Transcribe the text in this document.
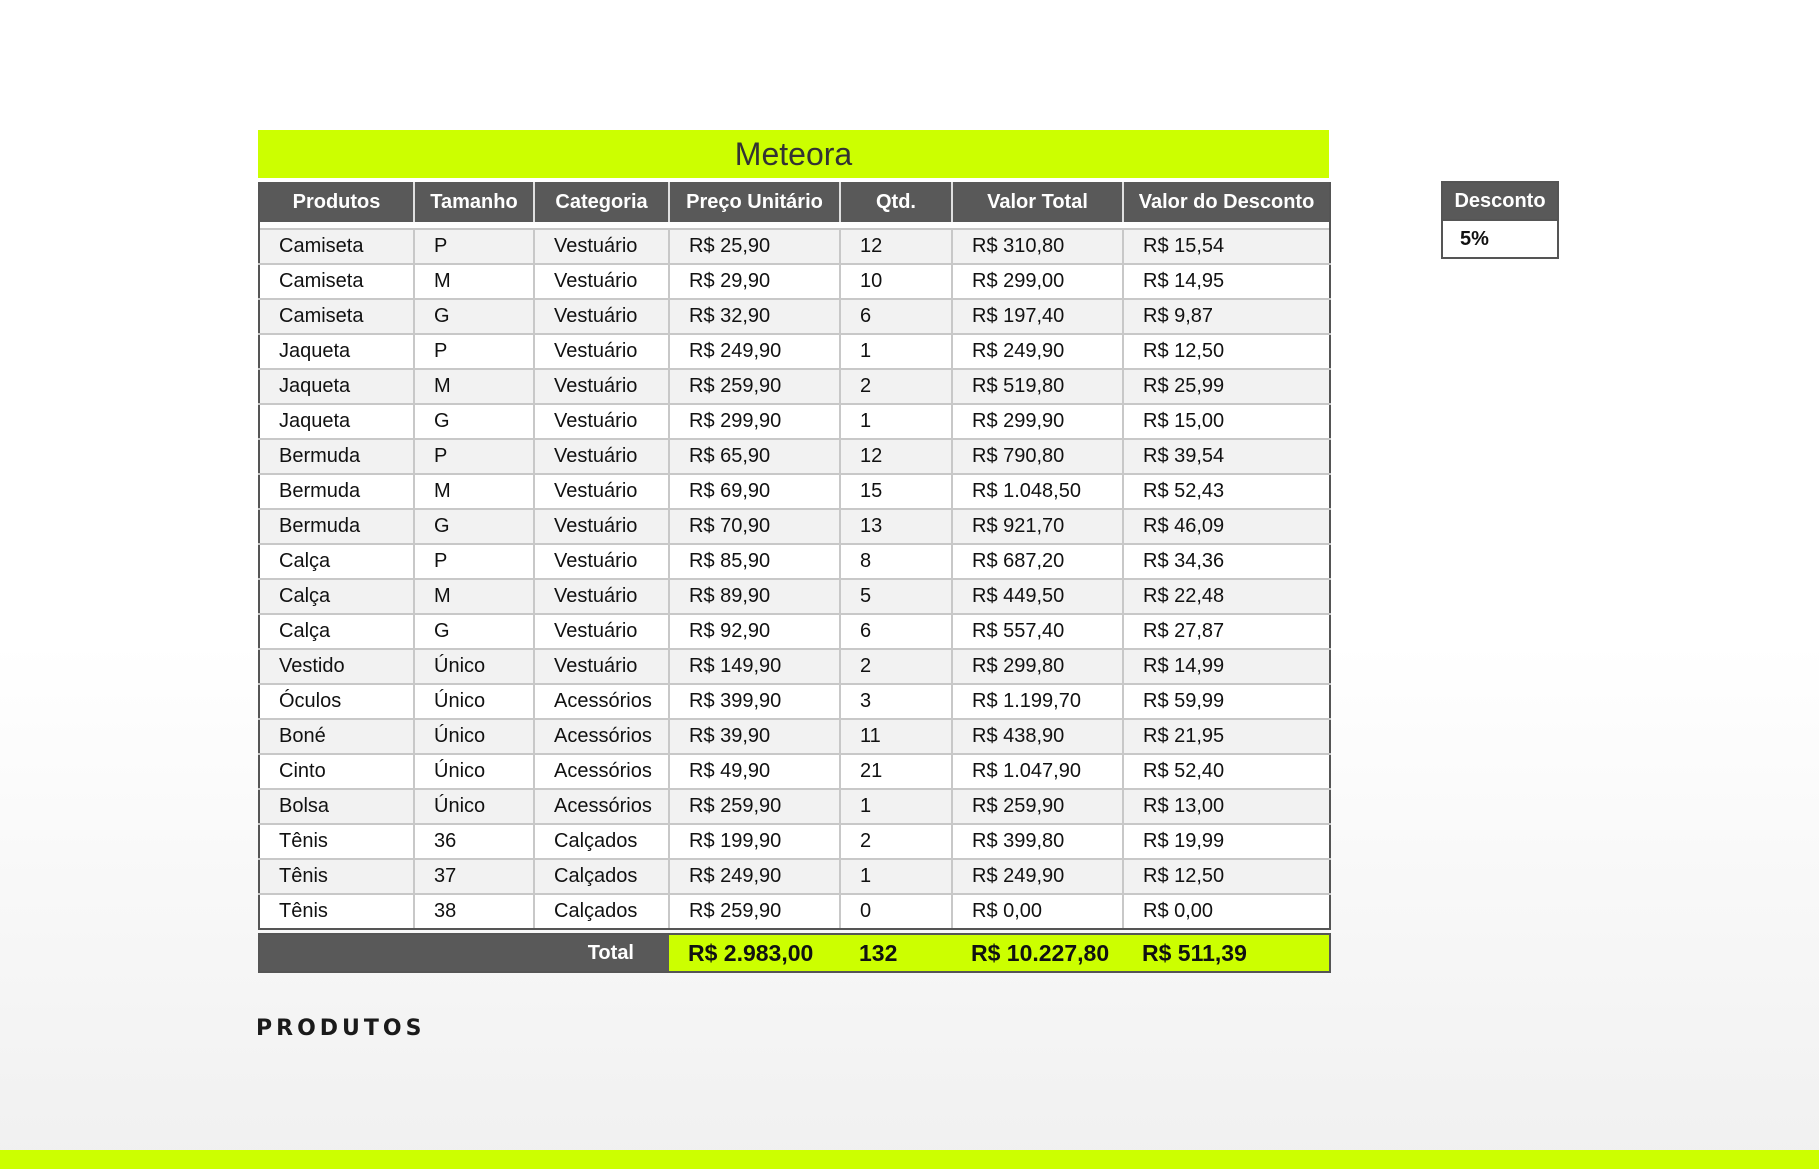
Meteora
Produtos	Tamanho	Categoria	Preço Unitário	Qtd.	Valor Total	Valor do Desconto

Camiseta	P	Vestuário	R$ 25,90	12	R$ 310,80	R$ 15,54
Camiseta	M	Vestuário	R$ 29,90	10	R$ 299,00	R$ 14,95
Camiseta	G	Vestuário	R$ 32,90	6	R$ 197,40	R$ 9,87
Jaqueta	P	Vestuário	R$ 249,90	1	R$ 249,90	R$ 12,50
Jaqueta	M	Vestuário	R$ 259,90	2	R$ 519,80	R$ 25,99
Jaqueta	G	Vestuário	R$ 299,90	1	R$ 299,90	R$ 15,00
Bermuda	P	Vestuário	R$ 65,90	12	R$ 790,80	R$ 39,54
Bermuda	M	Vestuário	R$ 69,90	15	R$ 1.048,50	R$ 52,43
Bermuda	G	Vestuário	R$ 70,90	13	R$ 921,70	R$ 46,09
Calça	P	Vestuário	R$ 85,90	8	R$ 687,20	R$ 34,36
Calça	M	Vestuário	R$ 89,90	5	R$ 449,50	R$ 22,48
Calça	G	Vestuário	R$ 92,90	6	R$ 557,40	R$ 27,87
Vestido	Único	Vestuário	R$ 149,90	2	R$ 299,80	R$ 14,99
Óculos	Único	Acessórios	R$ 399,90	3	R$ 1.199,70	R$ 59,99
Boné	Único	Acessórios	R$ 39,90	11	R$ 438,90	R$ 21,95
Cinto	Único	Acessórios	R$ 49,90	21	R$ 1.047,90	R$ 52,40
Bolsa	Único	Acessórios	R$ 259,90	1	R$ 259,90	R$ 13,00
Tênis	36	Calçados	R$ 199,90	2	R$ 399,80	R$ 19,99
Tênis	37	Calçados	R$ 249,90	1	R$ 249,90	R$ 12,50
Tênis	38	Calçados	R$ 259,90	0	R$ 0,00	R$ 0,00
Total	R$ 2.983,00	132	R$ 10.227,80	R$ 511,39
Desconto
5%
PRODUTOS
